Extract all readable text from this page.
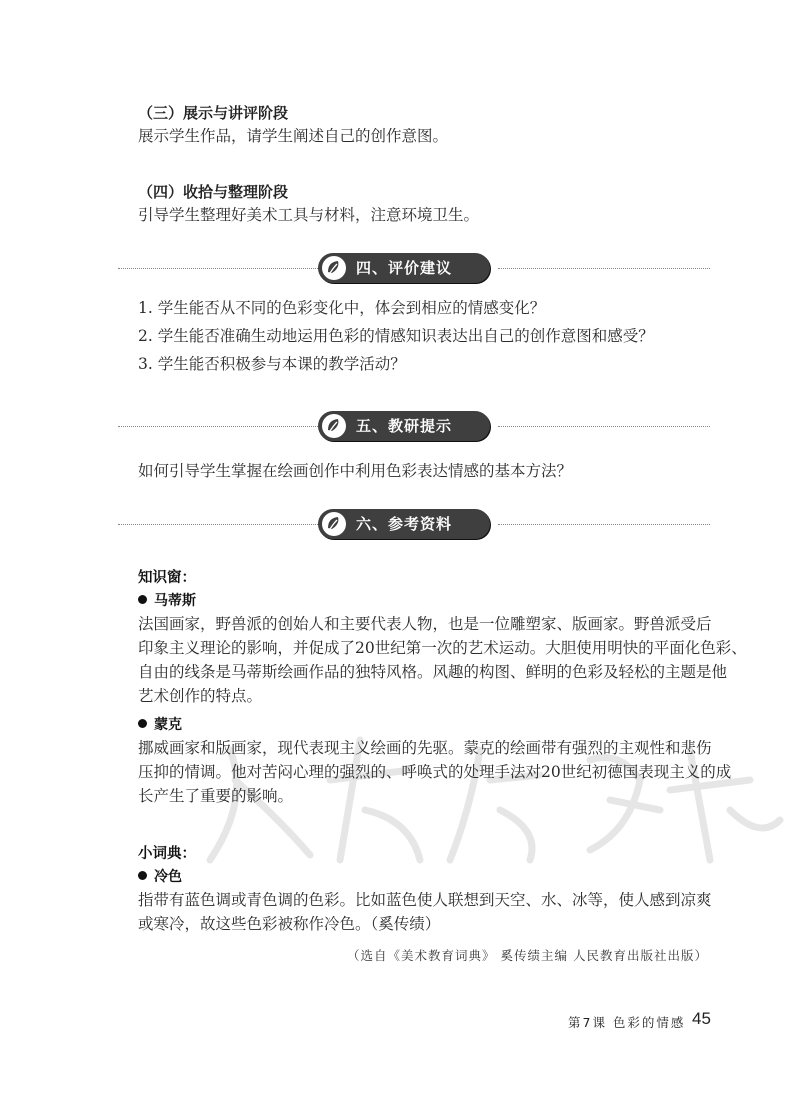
（三）展示与讲评阶段
展示学生作品，请学生阐述自己的创作意图。
（四）收拾与整理阶段
引导学生整理好美术工具与材料，注意环境卫生。
四、评价建议
1. 学生能否从不同的色彩变化中，体会到相应的情感变化？
2. 学生能否准确生动地运用色彩的情感知识表达出自己的创作意图和感受？
3. 学生能否积极参与本课的教学活动？
五、教研提示
如何引导学生掌握在绘画创作中利用色彩表达情感的基本方法？
六、参考资料
知识窗：
马蒂斯
法国画家，野兽派的创始人和主要代表人物，也是一位雕塑家、版画家。野兽派受后
印象主义理论的影响，并促成了20世纪第一次的艺术运动。大胆使用明快的平面化色彩、
自由的线条是马蒂斯绘画作品的独特风格。风趣的构图、鲜明的色彩及轻松的主题是他
艺术创作的特点。
蒙克
挪威画家和版画家，现代表现主义绘画的先驱。蒙克的绘画带有强烈的主观性和悲伤
压抑的情调。他对苦闷心理的强烈的、呼唤式的处理手法对20世纪初德国表现主义的成
长产生了重要的影响。
小词典：
冷色
指带有蓝色调或青色调的色彩。比如蓝色使人联想到天空、水、冰等，使人感到凉爽
或寒冷，故这些色彩被称作冷色。（奚传绩）
（选自《美术教育词典》 奚传绩主编 人民教育出版社出版）
第7课 色彩的情感 45
